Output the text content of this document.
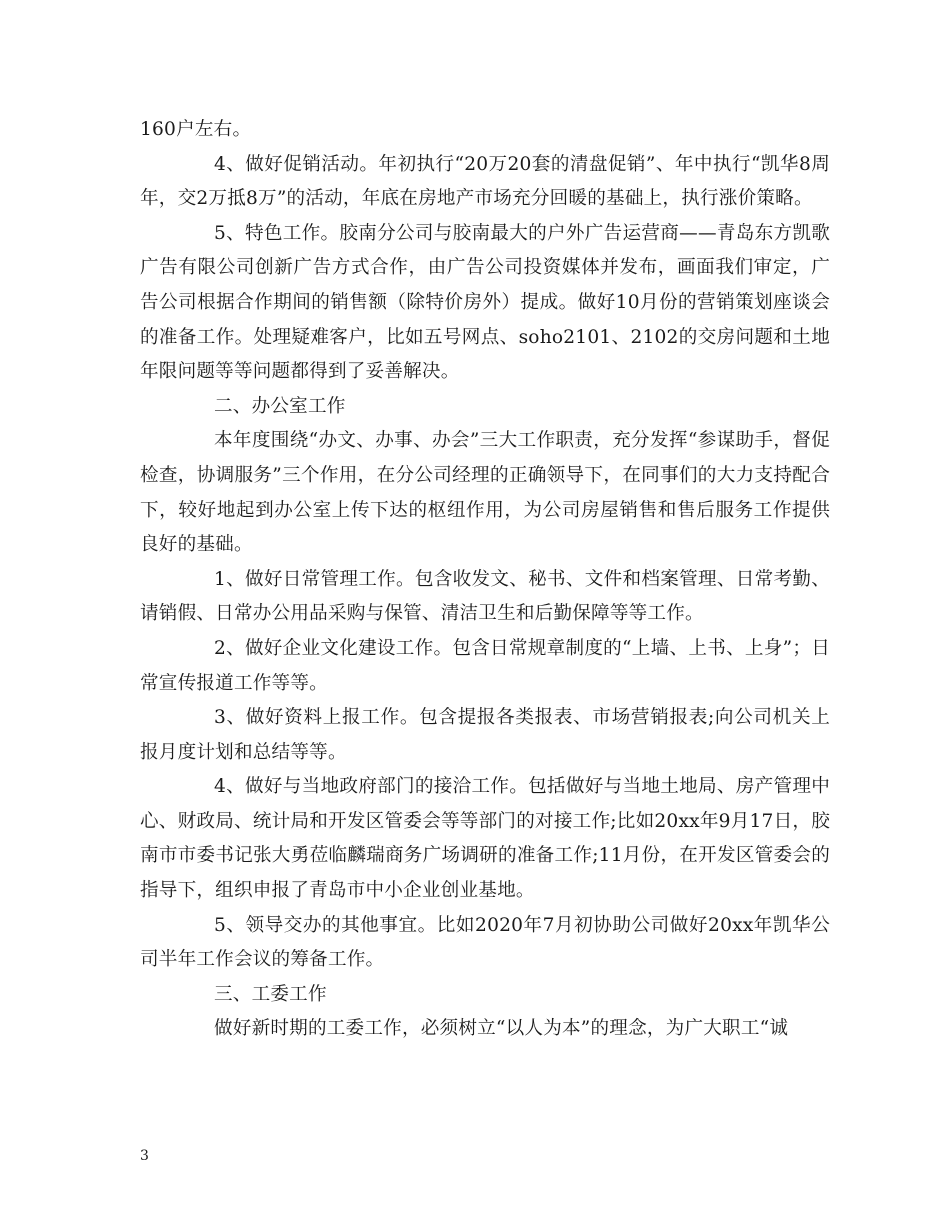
160户左右。

4、做好促销活动。年初执行“20万20套的清盘促销”、年中执行“凯华8周年，交2万抵8万”的活动，年底在房地产市场充分回暖的基础上，执行涨价策略。

5、特色工作。胶南分公司与胶南最大的户外广告运营商——青岛东方凯歌广告有限公司创新广告方式合作，由广告公司投资媒体并发布，画面我们审定，广告公司根据合作期间的销售额（除特价房外）提成。做好10月份的营销策划座谈会的准备工作。处理疑难客户，比如五号网点、soho2101、2102的交房问题和土地年限问题等等问题都得到了妥善解决。

二、办公室工作

本年度围绕“办文、办事、办会”三大工作职责，充分发挥“参谋助手，督促检查，协调服务”三个作用，在分公司经理的正确领导下，在同事们的大力支持配合下，较好地起到办公室上传下达的枢纽作用，为公司房屋销售和售后服务工作提供良好的基础。

1、做好日常管理工作。包含收发文、秘书、文件和档案管理、日常考勤、请销假、日常办公用品采购与保管、清洁卫生和后勤保障等等工作。

2、做好企业文化建设工作。包含日常规章制度的“上墙、上书、上身”；日常宣传报道工作等等。

3、做好资料上报工作。包含提报各类报表、市场营销报表;向公司机关上报月度计划和总结等等。

4、做好与当地政府部门的接洽工作。包括做好与当地土地局、房产管理中心、财政局、统计局和开发区管委会等等部门的对接工作;比如20xx年9月17日，胶南市市委书记张大勇莅临麟瑞商务广场调研的准备工作;11月份，在开发区管委会的指导下，组织申报了青岛市中小企业创业基地。

5、领导交办的其他事宜。比如2020年7月初协助公司做好20xx年凯华公司半年工作会议的筹备工作。

三、工委工作

做好新时期的工委工作，必须树立“以人为本”的理念，为广大职工“诚

3
